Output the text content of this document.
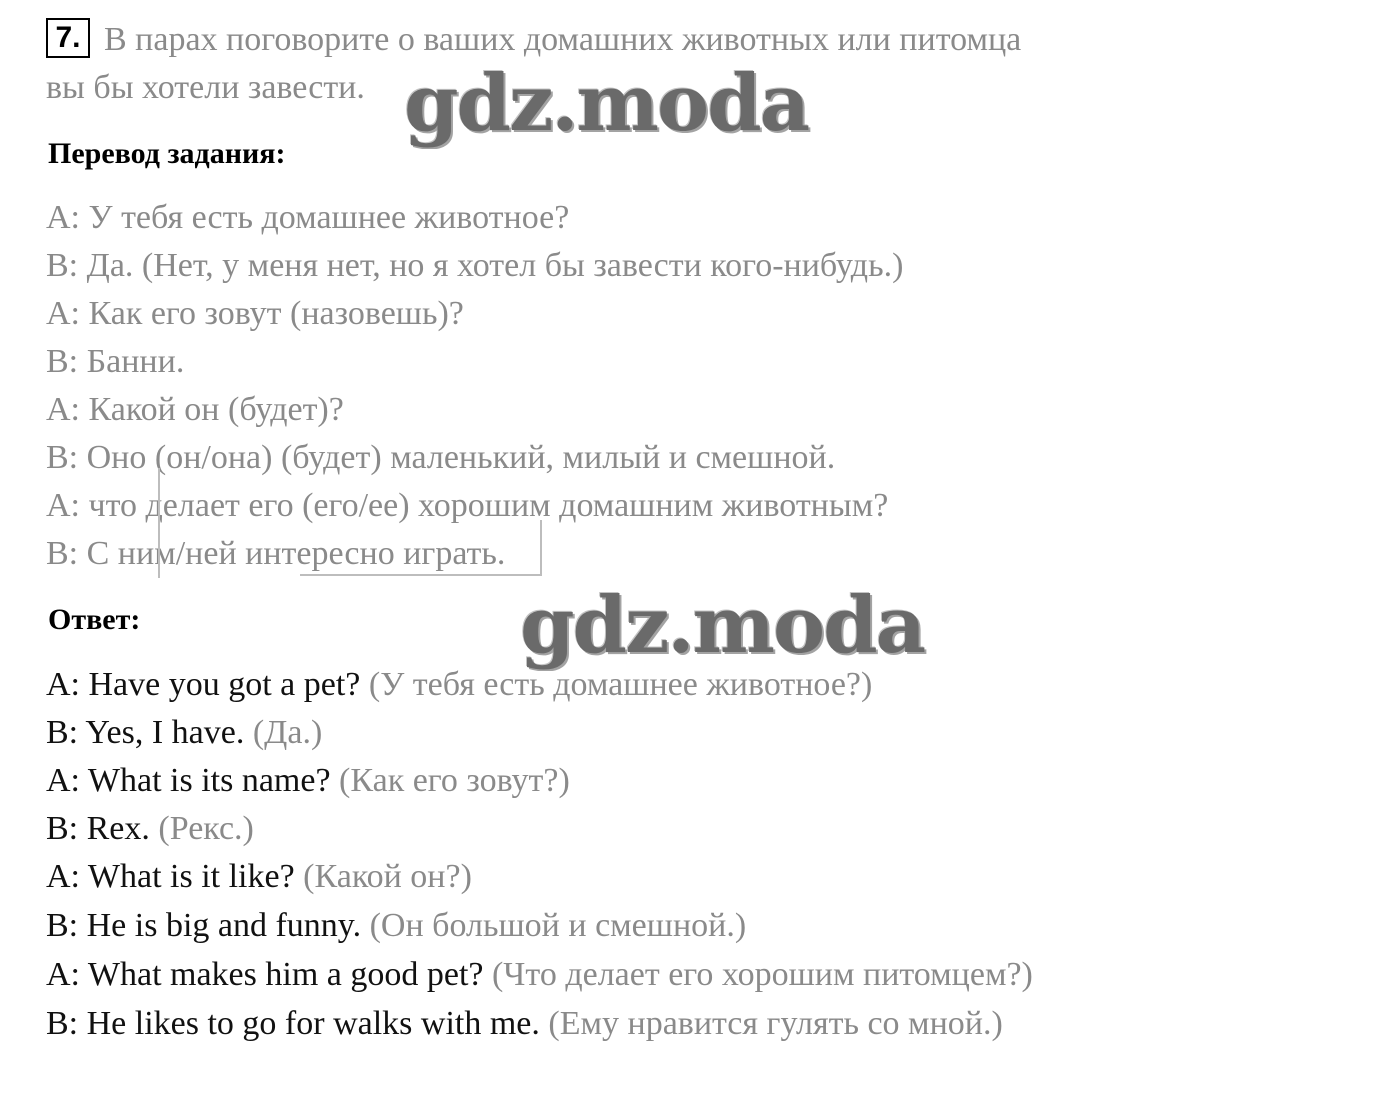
7. В парах поговорите о ваших домашних животных или питомца
вы бы хотели завести. gdz.moda
Перевод задания:
A: У тебя есть домашнее животное?
B: Да. (Нет, у меня нет, но я хотел бы завести кого-нибудь.)
A: Как его зовут (назовешь)?
B: Банни.
A: Какой он (будет)?
B: Оно (он/она) (будет) маленький, милый и смешной.
A: что делает его (его/ее) хорошим домашним животным?
B: С ним/ней интересно играть.
Ответ:	gdz.moda
A: Have you got a pet? (У тебя есть домашнее животное?)
B: Yes, I have. (Да.)
A: What is its name? (Как его зовут?)
B: Rex. (Рекс.)
A: What is it like? (Какой он?)
B: He is big and funny. (Он большой и смешной.)
A: What makes him a good pet? (Что делает его хорошим питомцем?)
B: He likes to go for walks with me. (Ему нравится гулять со мной.)
